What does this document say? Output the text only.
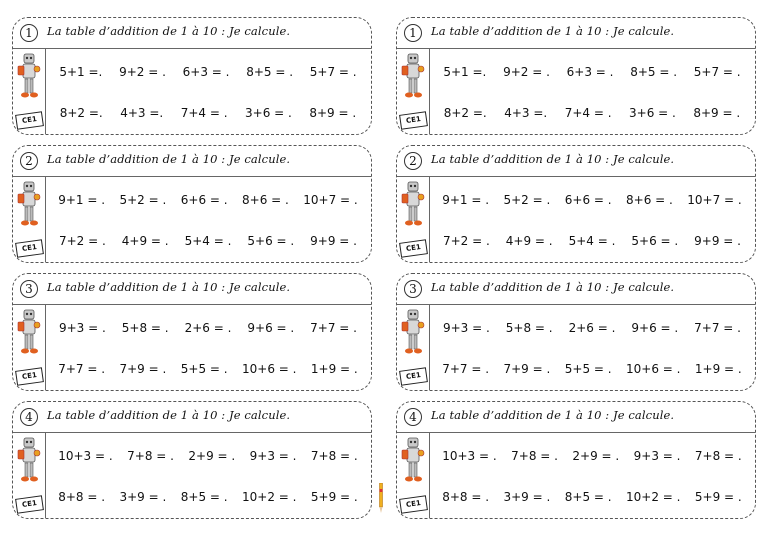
1	La table d’addition de 1 à 10 : Je calcule.
CE1
5+1 =. 9+2 = . 6+3 = . 8+5 = . 5+7 = .
8+2 =. 4+3 =. 7+4 = . 3+6 = . 8+9 = .
2	La table d’addition de 1 à 10 : Je calcule.
CE1
9+1 = . 5+2 = . 6+6 = . 8+6 = . 10+7 = .
7+2 = . 4+9 = . 5+4 = . 5+6 = . 9+9 = .
3	La table d’addition de 1 à 10 : Je calcule.
CE1
9+3 = . 5+8 = . 2+6 = . 9+6 = . 7+7 = .
7+7 = . 7+9 = . 5+5 = . 10+6 = . 1+9 = .
4	La table d’addition de 1 à 10 : Je calcule.
CE1
10+3 = . 7+8 = . 2+9 = . 9+3 = . 7+8 = .
8+8 = . 3+9 = . 8+5 = . 10+2 = . 5+9 = .
1	La table d’addition de 1 à 10 : Je calcule.
CE1
5+1 =. 9+2 = . 6+3 = . 8+5 = . 5+7 = .
8+2 =. 4+3 =. 7+4 = . 3+6 = . 8+9 = .
2	La table d’addition de 1 à 10 : Je calcule.
CE1
9+1 = . 5+2 = . 6+6 = . 8+6 = . 10+7 = .
7+2 = . 4+9 = . 5+4 = . 5+6 = . 9+9 = .
3	La table d’addition de 1 à 10 : Je calcule.
CE1
9+3 = . 5+8 = . 2+6 = . 9+6 = . 7+7 = .
7+7 = . 7+9 = . 5+5 = . 10+6 = . 1+9 = .
4	La table d’addition de 1 à 10 : Je calcule.
CE1
10+3 = . 7+8 = . 2+9 = . 9+3 = . 7+8 = .
8+8 = . 3+9 = . 8+5 = . 10+2 = . 5+9 = .
